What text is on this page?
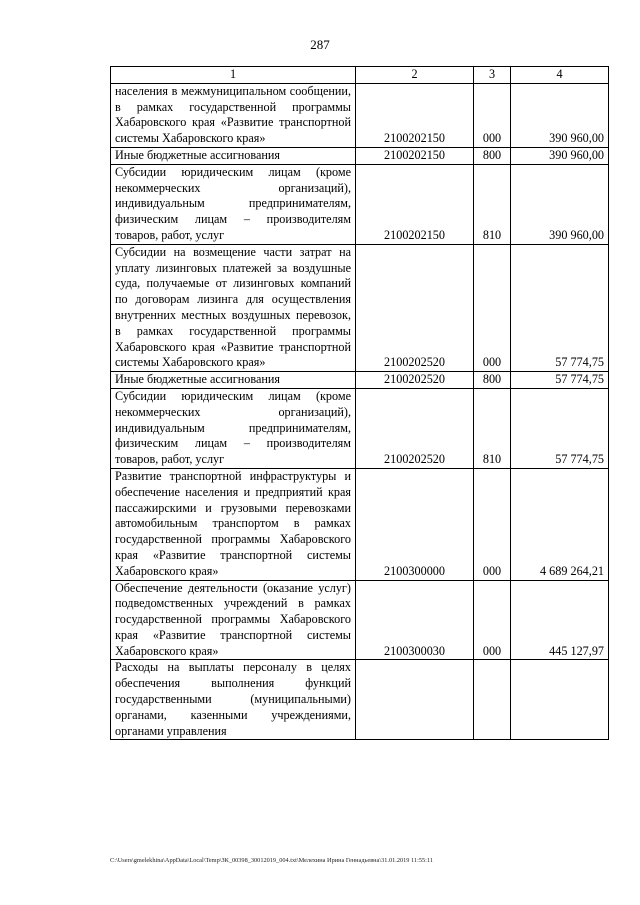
287
1	2	3	4
населения в межмуниципальном сообщении, в рамках государственной программы Хабаровского края «Развитие транспортной системы Хабаровского края»	2100202150	000	390 960,00
Иные бюджетные ассигнования	2100202150	800	390 960,00
Субсидии юридическим лицам (кроме некоммерческих организаций), индивидуальным предпринимателям, физическим лицам – производителям товаров, работ, услуг	2100202150	810	390 960,00
Субсидии на возмещение части затрат на уплату лизинговых платежей за воздушные суда, получаемые от лизинговых компаний по договорам лизинга для осуществления внутренних местных воздушных перевозок, в рамках государственной программы Хабаровского края «Развитие транспортной системы Хабаровского края»	2100202520	000	57 774,75
Иные бюджетные ассигнования	2100202520	800	57 774,75
Субсидии юридическим лицам (кроме некоммерческих организаций), индивидуальным предпринимателям, физическим лицам – производителям товаров, работ, услуг	2100202520	810	57 774,75
Развитие транспортной инфраструктуры и обеспечение населения и предприятий края пассажирскими и грузовыми перевозками автомобильным транспортом в рамках государственной программы Хабаровского края «Развитие транспортной системы Хабаровского края»	2100300000	000	4 689 264,21
Обеспечение деятельности (оказание услуг) подведомственных учреждений в рамках государственной программы Хабаровского края «Развитие транспортной системы Хабаровского края»	2100300030	000	445 127,97
Расходы на выплаты персоналу в целях обеспечения выполнения функций государственными (муниципальными) органами, казенными учреждениями, органами управления			
C:\Users\gmelekhina\AppData\Local\Temp\ЗК_00398_30012019_004.txt\Мелехина Ирина Геннадьевна\31.01.2019 11:55:11
